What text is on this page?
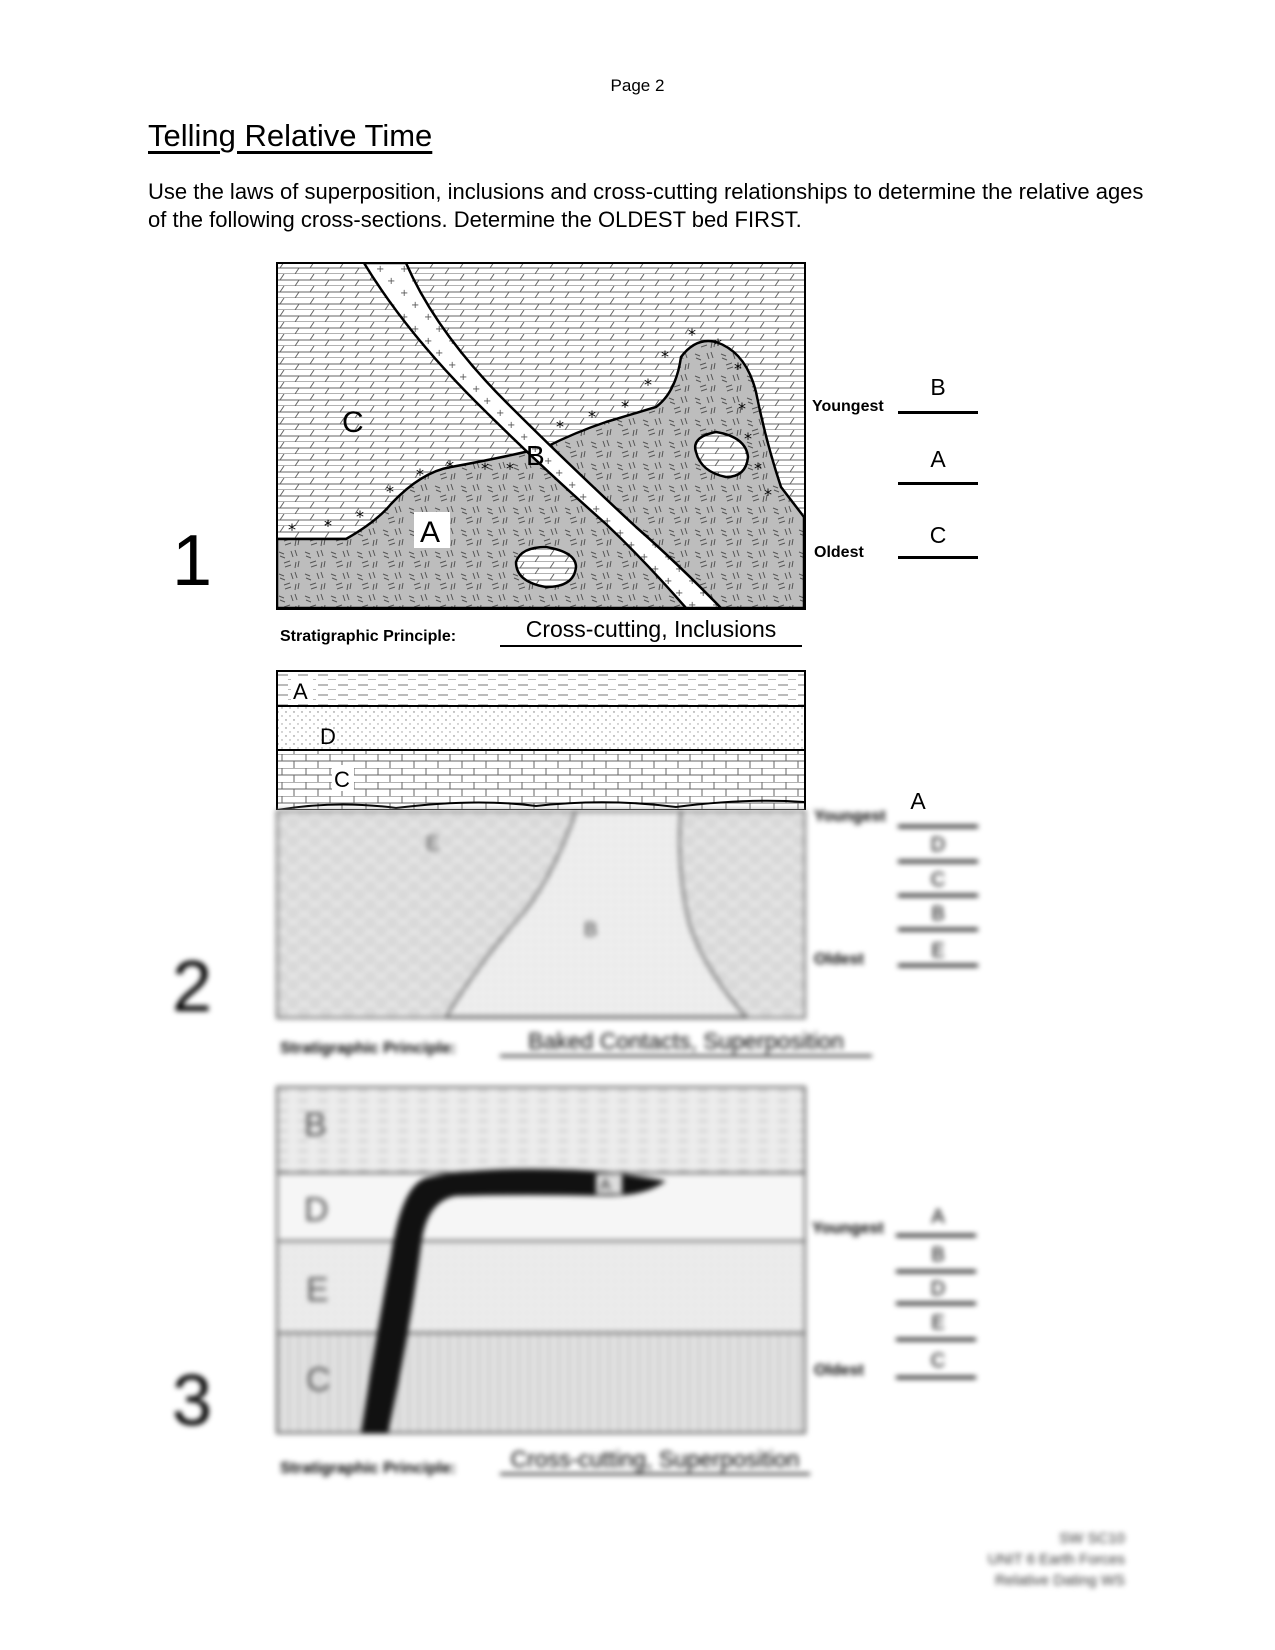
Page 2
Telling Relative Time
Use the laws of superposition, inclusions and cross-cutting relationships to determine the relative ages of the following cross-sections. Determine the OLDEST bed FIRST.
1	* * *
*
* * * *
*
*
*
*
*
*
*
*
*
*
*
*
C
B
A
Youngest
Oldest
B
A
C
Stratigraphic Principle:	Cross-cutting, Inclusions
A
D
C
A
E
B
2
Youngest
D
C
B
Oldest	E
Stratigraphic Principle:	Baked Contacts, Superposition
B
D
E
C
A
3
Youngest
A
B
D
E
Oldest	C
Stratigraphic Principle:	Cross-cutting, Superposition
SW SC10
UNIT 6 Earth Forces
Relative Dating WS
